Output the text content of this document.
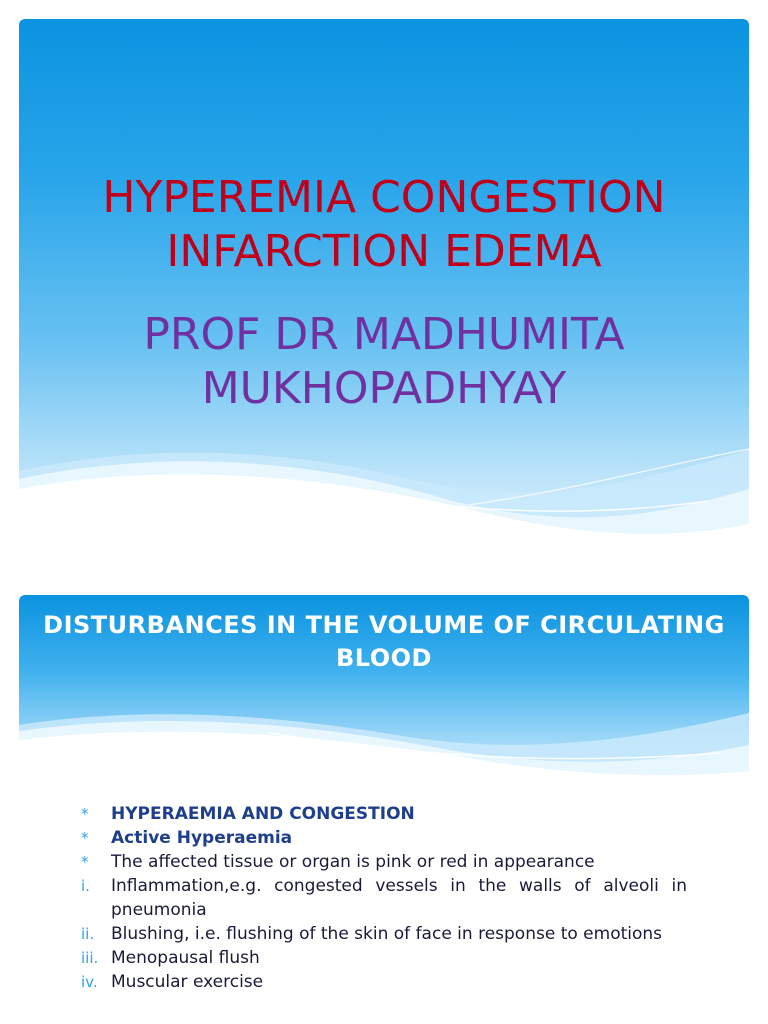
HYPEREMIA CONGESTION INFARCTION EDEMA
PROF DR MADHUMITA MUKHOPADHYAY
DISTURBANCES IN THE VOLUME OF CIRCULATING BLOOD
* HYPERAEMIA AND CONGESTION
* Active Hyperaemia
* The affected tissue or organ is pink or red in appearance
i. Inflammation,e.g. congested vessels in the walls of alveoli in pneumonia
ii. Blushing, i.e. flushing of the skin of face in response to emotions
iii. Menopausal flush
iv. Muscular exercise
